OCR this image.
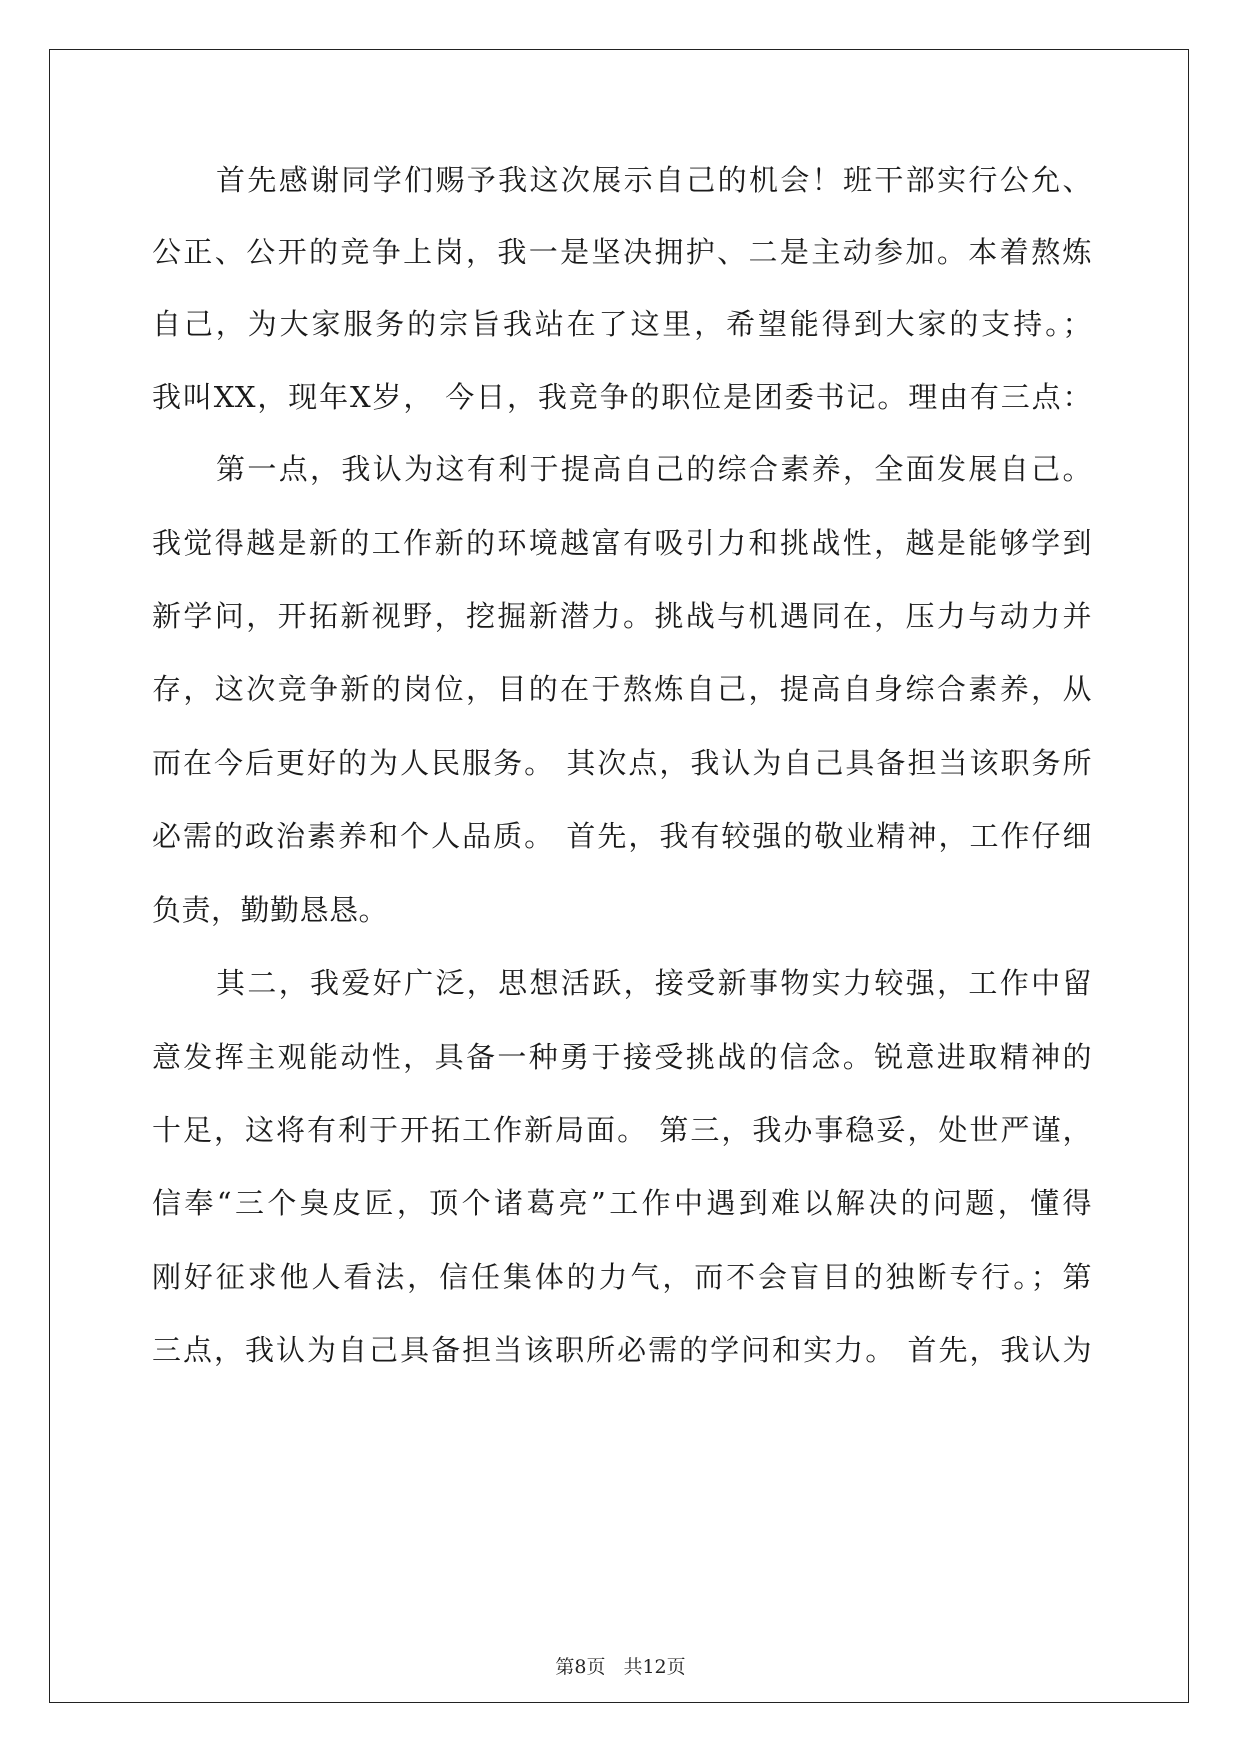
首先感谢同学们赐予我这次展示自己的机会！班干部实行公允、
公正、公开的竞争上岗，我一是坚决拥护、二是主动参加。本着熬炼
自己，为大家服务的宗旨我站在了这里，希望能得到大家的支持。；
我叫XX，现年X岁， 今日，我竞争的职位是团委书记。理由有三点：
第一点，我认为这有利于提高自己的综合素养，全面发展自己。
我觉得越是新的工作新的环境越富有吸引力和挑战性，越是能够学到
新学问，开拓新视野，挖掘新潜力。挑战与机遇同在，压力与动力并
存，这次竞争新的岗位，目的在于熬炼自己，提高自身综合素养，从
而在今后更好的为人民服务。 其次点，我认为自己具备担当该职务所
必需的政治素养和个人品质。 首先，我有较强的敬业精神，工作仔细
负责，勤勤恳恳。
其二，我爱好广泛，思想活跃，接受新事物实力较强，工作中留
意发挥主观能动性，具备一种勇于接受挑战的信念。锐意进取精神的
十足，这将有利于开拓工作新局面。 第三，我办事稳妥，处世严谨，
信奉“三个臭皮匠，顶个诸葛亮”工作中遇到难以解决的问题，懂得
刚好征求他人看法，信任集体的力气，而不会盲目的独断专行。；第
三点，我认为自己具备担当该职所必需的学问和实力。 首先，我认为
第8页 共12页
